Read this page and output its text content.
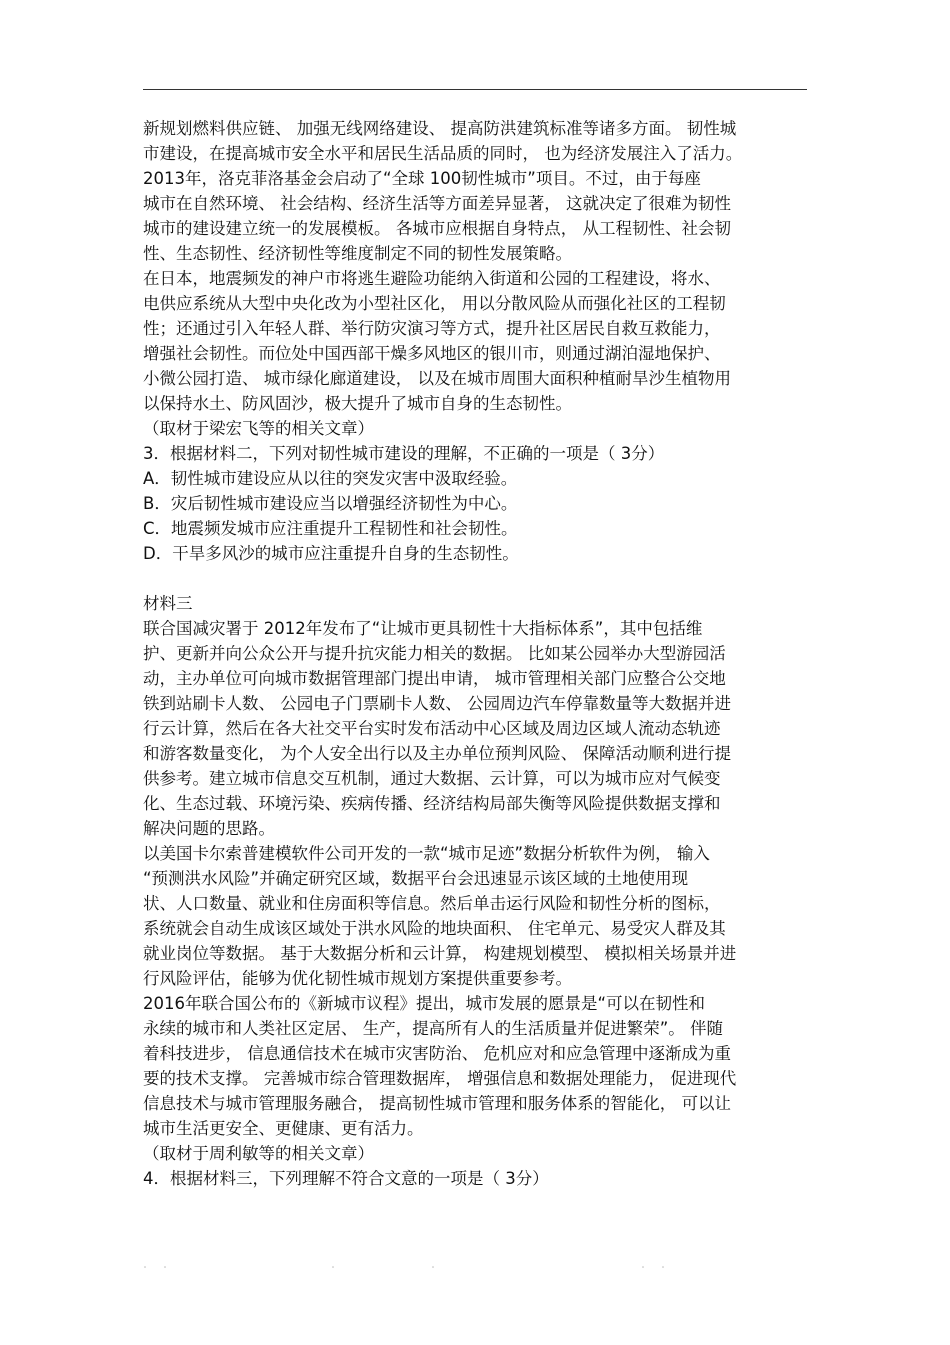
新规划燃料供应链、 加强无线网络建设、 提高防洪建筑标准等诸多方面。 韧性城
市建设，在提高城市安全水平和居民生活品质的同时， 也为经济发展注入了活力。
2013年，洛克菲洛基金会启动了“全球 100韧性城市”项目。不过，由于每座
城市在自然环境、 社会结构、经济生活等方面差异显著， 这就决定了很难为韧性
城市的建设建立统一的发展模板。 各城市应根据自身特点， 从工程韧性、社会韧
性、生态韧性、经济韧性等维度制定不同的韧性发展策略。
在日本，地震频发的神户市将逃生避险功能纳入街道和公园的工程建设，将水、
电供应系统从大型中央化改为小型社区化， 用以分散风险从而强化社区的工程韧
性；还通过引入年轻人群、举行防灾演习等方式，提升社区居民自救互救能力，
增强社会韧性。而位处中国西部干燥多风地区的银川市，则通过湖泊湿地保护、
小微公园打造、 城市绿化廊道建设， 以及在城市周围大面积种植耐旱沙生植物用
以保持水土、防风固沙，极大提升了城市自身的生态韧性。
（取材于梁宏飞等的相关文章）
3．根据材料二，下列对韧性城市建设的理解，不正确的一项是（ 3分）
A．韧性城市建设应从以往的突发灾害中汲取经验。
B．灾后韧性城市建设应当以增强经济韧性为中心。
C．地震频发城市应注重提升工程韧性和社会韧性。
D．干旱多风沙的城市应注重提升自身的生态韧性。
材料三
联合国减灾署于 2012年发布了“让城市更具韧性十大指标体系”，其中包括维
护、更新并向公众公开与提升抗灾能力相关的数据。 比如某公园举办大型游园活
动，主办单位可向城市数据管理部门提出申请， 城市管理相关部门应整合公交地
铁到站刷卡人数、 公园电子门票刷卡人数、 公园周边汽车停靠数量等大数据并进
行云计算，然后在各大社交平台实时发布活动中心区域及周边区域人流动态轨迹
和游客数量变化， 为个人安全出行以及主办单位预判风险、 保障活动顺利进行提
供参考。建立城市信息交互机制，通过大数据、云计算，可以为城市应对气候变
化、生态过载、环境污染、疾病传播、经济结构局部失衡等风险提供数据支撑和
解决问题的思路。
以美国卡尔索普建模软件公司开发的一款“城市足迹”数据分析软件为例， 输入
“预测洪水风险”并确定研究区域，数据平台会迅速显示该区域的土地使用现
状、人口数量、就业和住房面积等信息。然后单击运行风险和韧性分析的图标，
系统就会自动生成该区域处于洪水风险的地块面积、 住宅单元、易受灾人群及其
就业岗位等数据。 基于大数据分析和云计算， 构建规划模型、 模拟相关场景并进
行风险评估，能够为优化韧性城市规划方案提供重要参考。
2016年联合国公布的《新城市议程》提出，城市发展的愿景是“可以在韧性和
永续的城市和人类社区定居、 生产，提高所有人的生活质量并促进繁荣”。 伴随
着科技进步， 信息通信技术在城市灾害防治、 危机应对和应急管理中逐渐成为重
要的技术支撑。 完善城市综合管理数据库， 增强信息和数据处理能力， 促进现代
信息技术与城市管理服务融合， 提高韧性城市管理和服务体系的智能化， 可以让
城市生活更安全、更健康、更有活力。
（取材于周利敏等的相关文章）
4．根据材料三，下列理解不符合文意的一项是（ 3分）
